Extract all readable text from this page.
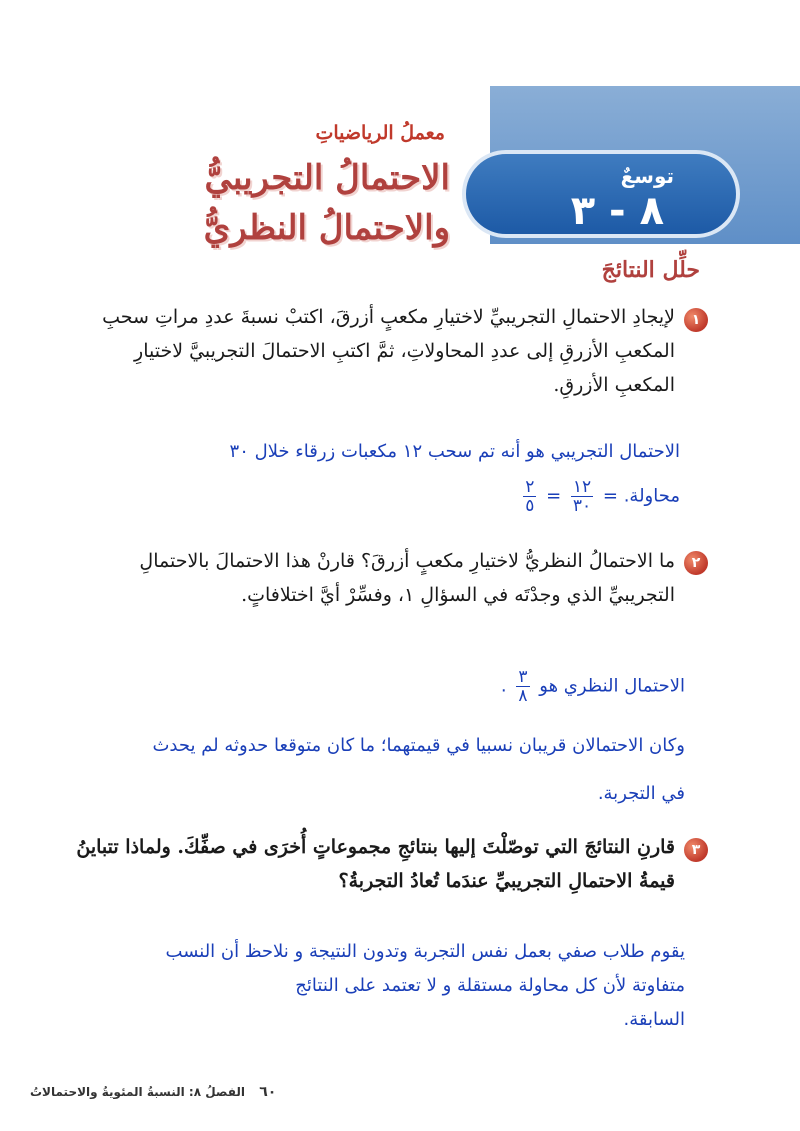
توسعٌ
٨ - ٣
معملُ الرياضياتِ
الاحتمالُ التجريبيُّ
والاحتمالُ النظريُّ
حلِّل النتائجَ
١
لإيجادِ الاحتمالِ التجريبيِّ لاختيارِ مكعبٍ أزرقَ، اكتبْ نسبةَ عددِ مراتِ سحبِ المكعبِ الأزرقِ إلى عددِ المحاولاتِ، ثمَّ اكتبِ الاحتمالَ التجريبيَّ لاختيارِ المكعبِ الأزرقِ.
الاحتمال التجريبي هو أنه تم سحب ١٢ مكعبات زرقاء خلال ٣٠
محاولة. =
$\frac{١٢}{٣٠}$
=
$\frac{٢}{٥}$
٢
ما الاحتمالُ النظريُّ لاختيارِ مكعبٍ أزرقَ؟ قارنْ هذا الاحتمالَ بالاحتمالِ التجريبيِّ الذي وجدْتَه في السؤالِ ١، وفسِّرْ أيَّ اختلافاتٍ.
الاحتمال النظري هو
$\frac{٣}{٨}$
.
وكان الاحتمالان قريبان نسبيا في قيمتهما؛ ما كان متوقعا حدوثه لم يحدث
في التجربة.
٣
قارنِ النتائجَ التي توصّلْتَ إليها بنتائجِ مجموعاتٍ أُخرَى في صفِّكَ. ولماذا تتباينُ قيمةُ الاحتمالِ التجريبيِّ عندَما تُعادُ التجربةُ؟
يقوم طلاب صفي بعمل نفس التجربة وتدون النتيجة و نلاحظ أن النسب
متفاوتة لأن كل محاولة مستقلة و لا تعتمد على النتائج
السابقة.
٦٠ الفصلُ ٨: النسبةُ المئويةُ والاحتمالاتُ
